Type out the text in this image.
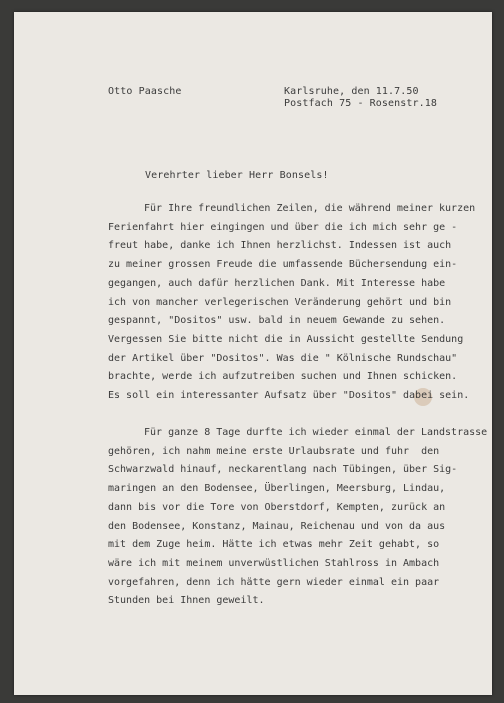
Otto Paasche	Karlsruhe, den 11.7.50
Postfach 75 - Rosenstr.18
Verehrter lieber Herr Bonsels!
Für Ihre freundlichen Zeilen, die während meiner kurzen
Ferienfahrt hier eingingen und über die ich mich sehr ge -
freut habe, danke ich Ihnen herzlichst. Indessen ist auch
zu meiner grossen Freude die umfassende Büchersendung ein-
gegangen, auch dafür herzlichen Dank. Mit Interesse habe
ich von mancher verlegerischen Veränderung gehört und bin
gespannt, "Dositos" usw. bald in neuem Gewande zu sehen.
Vergessen Sie bitte nicht die in Aussicht gestellte Sendung
der Artikel über "Dositos". Was die " Kölnische Rundschau"
brachte, werde ich aufzutreiben suchen und Ihnen schicken.
Es soll ein interessanter Aufsatz über "Dositos" dabei sein.
Für ganze 8 Tage durfte ich wieder einmal der Landstrasse
gehören, ich nahm meine erste Urlaubsrate und fuhr  den
Schwarzwald hinauf, neckarentlang nach Tübingen, über Sig-
maringen an den Bodensee, Überlingen, Meersburg, Lindau,
dann bis vor die Tore von Oberstdorf, Kempten, zurück an
den Bodensee, Konstanz, Mainau, Reichenau und von da aus
mit dem Zuge heim. Hätte ich etwas mehr Zeit gehabt, so
wäre ich mit meinem unverwüstlichen Stahlross in Ambach
vorgefahren, denn ich hätte gern wieder einmal ein paar
Stunden bei Ihnen geweilt.
